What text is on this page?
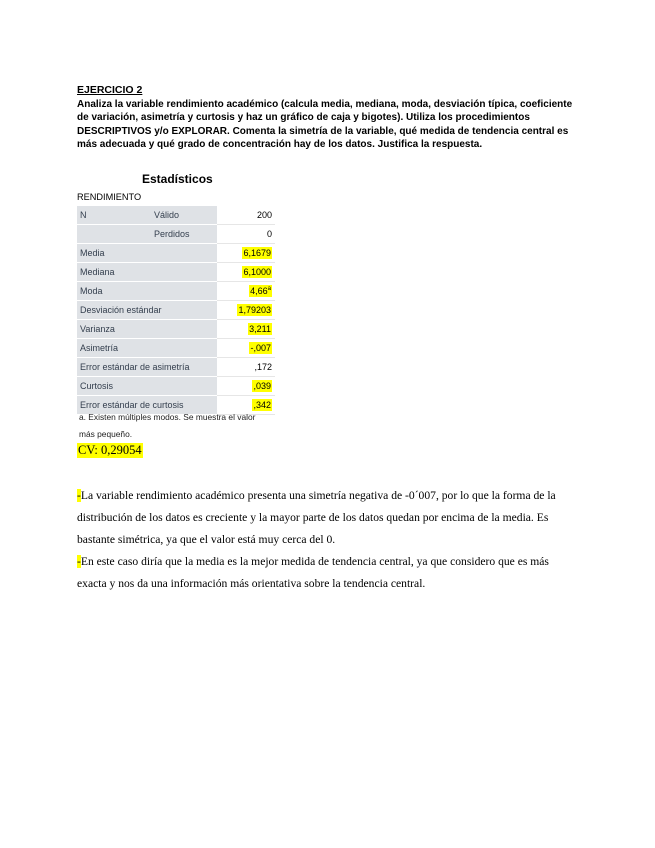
EJERCICIO 2
Analiza la variable rendimiento académico (calcula media, mediana, moda, desviación típica, coeficiente de variación, asimetría y curtosis y haz un gráfico de caja y bigotes). Utiliza los procedimientos DESCRIPTIVOS y/o EXPLORAR. Comenta la simetría de la variable, qué medida de tendencia central es más adecuada y qué grado de concentración hay de los datos. Justifica la respuesta.
Estadísticos
RENDIMIENTO
N	Válido	200
	Perdidos	0
Media		6,1679
Mediana		6,1000
Moda		4,66$^a$
Desviación estándar		1,79203
Varianza		3,211
Asimetría		-,007
Error estándar de asimetría		,172
Curtosis		,039
Error estándar de curtosis		,342
a. Existen múltiples modos. Se muestra el valor más pequeño.
CV: 0,29054

-La variable rendimiento académico presenta una simetría negativa de -0´007, por lo que la forma de la distribución de los datos es creciente y la mayor parte de los datos quedan por encima de la media. Es bastante simétrica, ya que el valor está muy cerca del 0.

-En este caso diría que la media es la mejor medida de tendencia central, ya que considero que es más exacta y nos da una información más orientativa sobre la tendencia central.
